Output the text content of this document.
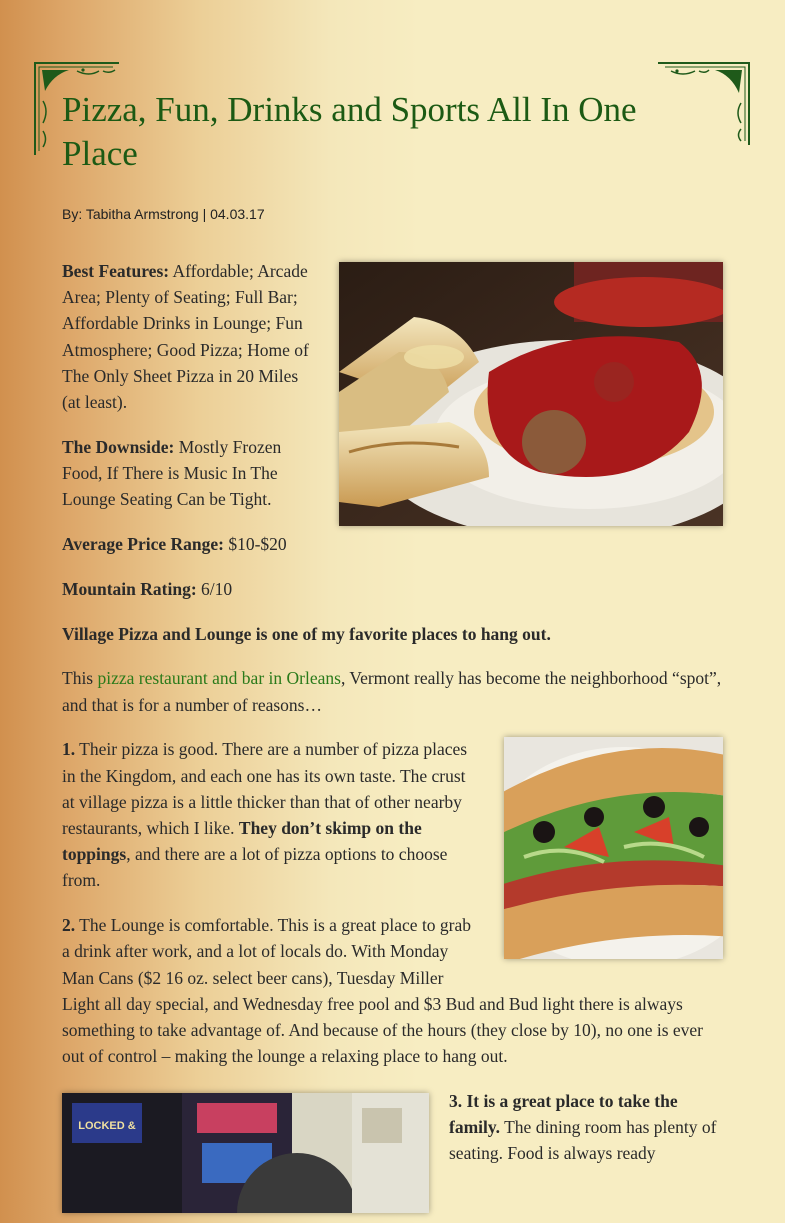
Pizza, Fun, Drinks and Sports All In One Place
By: Tabitha Armstrong | 04.03.17

Best Features: Affordable; Arcade Area; Plenty of Seating; Full Bar; Affordable Drinks in Lounge; Fun Atmosphere; Good Pizza; Home of The Only Sheet Pizza in 20 Miles (at least).

The Downside: Mostly Frozen Food, If There is Music In The Lounge Seating Can be Tight.

Average Price Range: $10-$20

Mountain Rating: 6/10

Village Pizza and Lounge is one of my favorite places to hang out.

This pizza restaurant and bar in Orleans, Vermont really has become the neighborhood “spot”, and that is for a number of reasons…

1. Their pizza is good. There are a number of pizza places in the Kingdom, and each one has its own taste. The crust at village pizza is a little thicker than that of other nearby restaurants, which I like. They don’t skimp on the toppings, and there are a lot of pizza options to choose from.

2. The Lounge is comfortable. This is a great place to grab a drink after work, and a lot of locals do. With Monday Man Cans ($2 16 oz. select beer cans), Tuesday Miller Light all day special, and Wednesday free pool and $3 Bud and Bud light there is always something to take advantage of. And because of the hours (they close by 10), no one is ever out of control – making the lounge a relaxing place to hang out.

LOCKED &

3. It is a great place to take the family. The dining room has plenty of seating. Food is always ready
